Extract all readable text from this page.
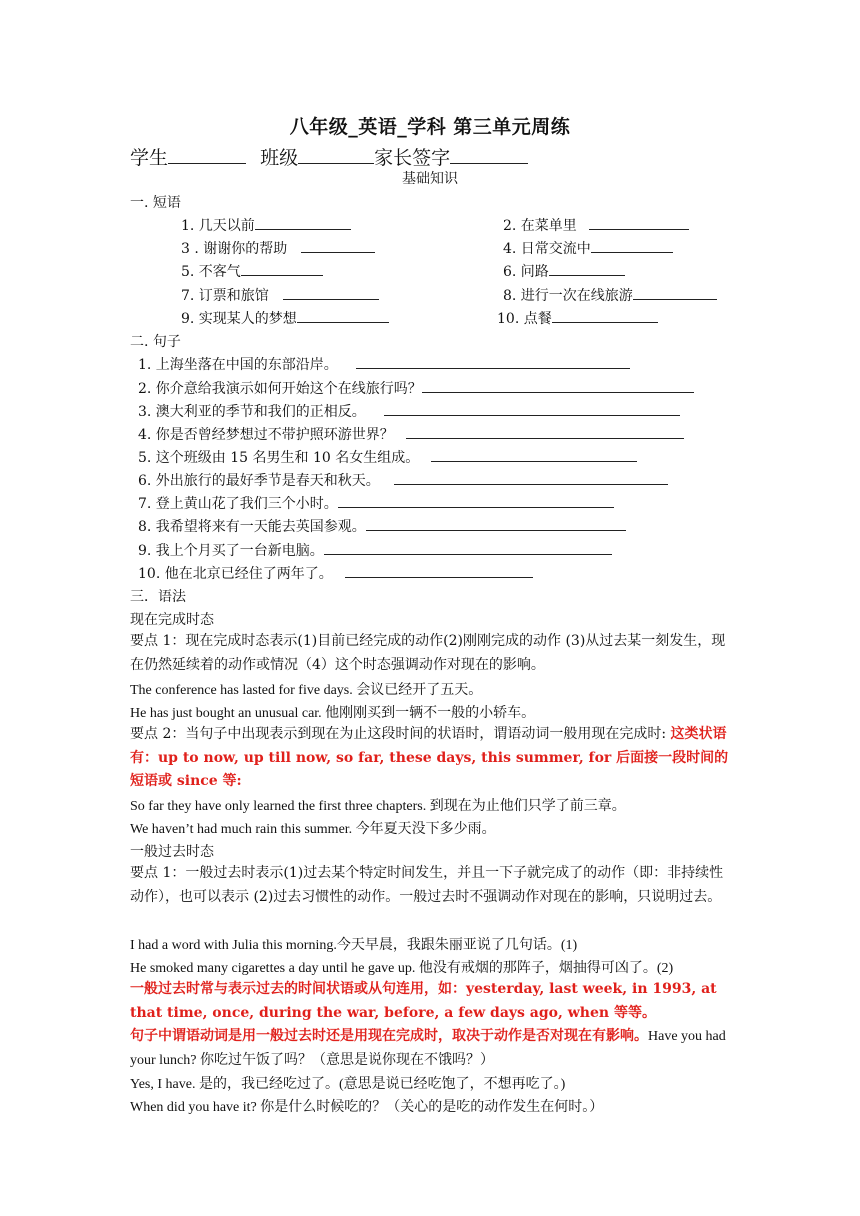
八年级_英语_学科 第三单元周练
学生	班级	家长签字
基础知识
一. 短语
1. 几天以前	2. 在菜单里
3 . 谢谢你的帮助	4. 日常交流中
5. 不客气	6. 问路
7. 订票和旅馆	8. 进行一次在线旅游
9. 实现某人的梦想	10. 点餐
二. 句子
1. 上海坐落在中国的东部沿岸。
2. 你介意给我演示如何开始这个在线旅行吗？
3. 澳大利亚的季节和我们的正相反。
4. 你是否曾经梦想过不带护照环游世界？
5. 这个班级由 15 名男生和 10 名女生组成。
6. 外出旅行的最好季节是春天和秋天。
7. 登上黄山花了我们三个小时。
8. 我希望将来有一天能去英国参观。
9. 我上个月买了一台新电脑。
10. 他在北京已经住了两年了。
三．语法
现在完成时态
要点 1：现在完成时态表示(1)目前已经完成的动作(2)刚刚完成的动作 (3)从过去某一刻发生，现在仍然延续着的动作或情况（4）这个时态强调动作对现在的影响。
The conference has lasted for five days. 会议已经开了五天。
He has just bought an unusual car. 他刚刚买到一辆不一般的小轿车。
要点 2：当句子中出现表示到现在为止这段时间的状语时，谓语动词一般用现在完成时: 这类状语有：up to now, up till now, so far, these days, this summer, for 后面接一段时间的短语或 since 等:
So far they have only learned the first three chapters. 到现在为止他们只学了前三章。
We haven’t had much rain this summer. 今年夏天没下多少雨。
一般过去时态
要点 1：一般过去时表示(1)过去某个特定时间发生，并且一下子就完成了的动作（即：非持续性动作），也可以表示 (2)过去习惯性的动作。一般过去时不强调动作对现在的影响，只说明过去。
I had a word with Julia this morning.今天早晨，我跟朱丽亚说了几句话。(1)
He smoked many cigarettes a day until he gave up. 他没有戒烟的那阵子，烟抽得可凶了。(2)
一般过去时常与表示过去的时间状语或从句连用，如：yesterday, last week, in 1993, at that time, once, during the war, before, a few days ago, when 等等。
句子中谓语动词是用一般过去时还是用现在完成时，取决于动作是否对现在有影响。Have you had your lunch? 你吃过午饭了吗？（意思是说你现在不饿吗？）
Yes, I have. 是的，我已经吃过了。(意思是说已经吃饱了，不想再吃了。)
When did you have it? 你是什么时候吃的？（关心的是吃的动作发生在何时。）
